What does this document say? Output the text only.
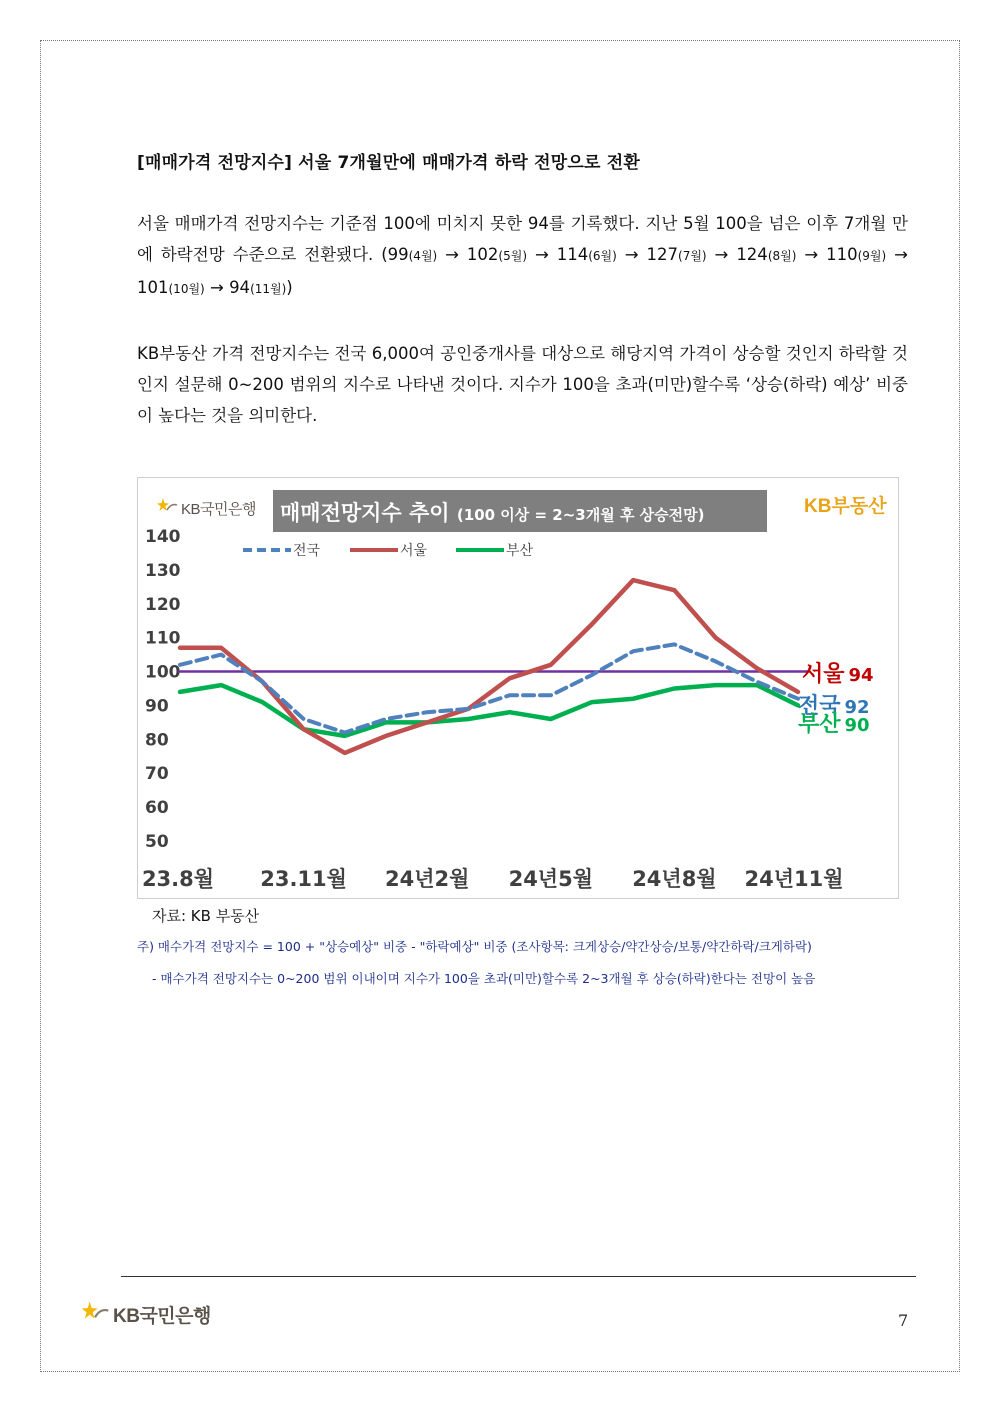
[매매가격 전망지수] 서울 7개월만에 매매가격 하락 전망으로 전환

서울 매매가격 전망지수는 기준점 100에 미치지 못한 94를 기록했다. 지난 5월 100을 넘은 이후 7개월 만에 하락전망 수준으로 전환됐다. (99(4월) → 102(5월) → 114(6월) → 127(7월) → 124(8월) → 110(9월) → 101(10월) → 94(11월))

KB부동산 가격 전망지수는 전국 6,000여 공인중개사를 대상으로 해당지역 가격이 상승할 것인지 하락할 것인지 설문해 0~200 범위의 지수로 나타낸 것이다. 지수가 100을 초과(미만)할수록 ‘상승(하락) 예상’ 비중이 높다는 것을 의미한다.

매매전망지수 추이 (100 이상 = 2~3개월 후 상승전망)
140
130
120
110
100
90
80
70
60
50
23.8월 23.11월 24년2월 24년5월 24년8월 24년11월
전국	서울	부산
서울 94
전국 92
부산 90
KB국민은행	KB부동산
자료: KB 부동산
주) 매수가격 전망지수 = 100 + "상승예상" 비중 - "하락예상" 비중 (조사항목: 크게상승/약간상승/보통/약간하락/크게하락)
- 매수가격 전망지수는 0~200 범위 이내이며 지수가 100을 초과(미만)할수록 2~3개월 후 상승(하락)한다는 전망이 높음
KB국민은행	7
